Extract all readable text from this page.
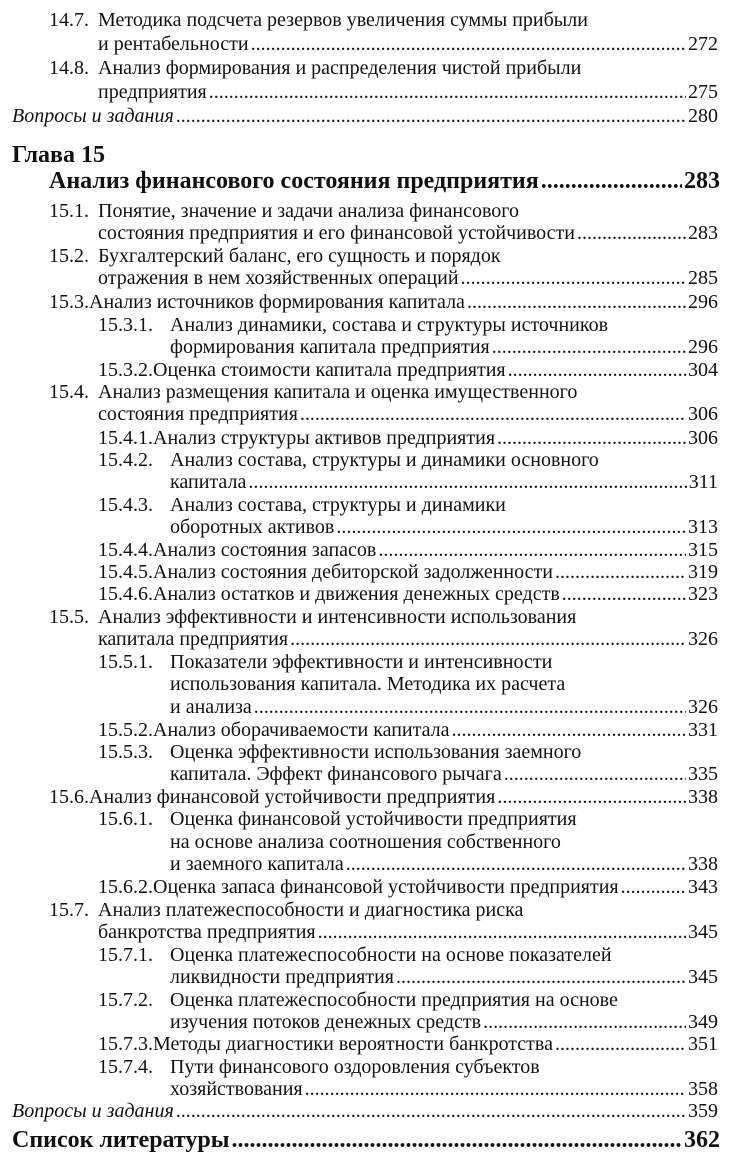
14.7. Методика подсчета резервов увеличения суммы прибыли
и рентабельности .....	272
14.8. Анализ формирования и распределения чистой прибыли
предприятия .....	275
Вопросы и задания .....	280
Глава 15
Анализ финансового состояния предприятия .....	283
15.1. Понятие, значение и задачи анализа финансового
состояния предприятия и его финансовой устойчивости .....	283
15.2. Бухгалтерский баланс, его сущность и порядок
отражения в нем хозяйственных операций .....	285
15.3. Анализ источников формирования капитала .....	296
15.3.1. Анализ динамики, состава и структуры источников
формирования капитала предприятия .....	296
15.3.2. Оценка стоимости капитала предприятия .....	304
15.4. Анализ размещения капитала и оценка имущественного
состояния предприятия .....	306
15.4.1. Анализ структуры активов предприятия .....	306
15.4.2. Анализ состава, структуры и динамики основного
капитала .....	311
15.4.3. Анализ состава, структуры и динамики
оборотных активов .....	313
15.4.4. Анализ состояния запасов .....	315
15.4.5. Анализ состояния дебиторской задолженности .....	319
15.4.6. Анализ остатков и движения денежных средств .....	323
15.5. Анализ эффективности и интенсивности использования
капитала предприятия .....	326
15.5.1. Показатели эффективности и интенсивности
использования капитала. Методика их расчета
и анализа .....	326
15.5.2. Анализ оборачиваемости капитала .....	331
15.5.3. Оценка эффективности использования заемного
капитала. Эффект финансового рычага .....	335
15.6. Анализ финансовой устойчивости предприятия .....	338
15.6.1. Оценка финансовой устойчивости предприятия
на основе анализа соотношения собственного
и заемного капитала .....	338
15.6.2. Оценка запаса финансовой устойчивости предприятия .....	343
15.7. Анализ платежеспособности и диагностика риска
банкротства предприятия .....	345
15.7.1. Оценка платежеспособности на основе показателей
ликвидности предприятия .....	345
15.7.2. Оценка платежеспособности предприятия на основе
изучения потоков денежных средств .....	349
15.7.3. Методы диагностики вероятности банкротства .....	351
15.7.4. Пути финансового оздоровления субъектов
хозяйствования .....	358
Вопросы и задания .....	359
Список литературы .....	362
